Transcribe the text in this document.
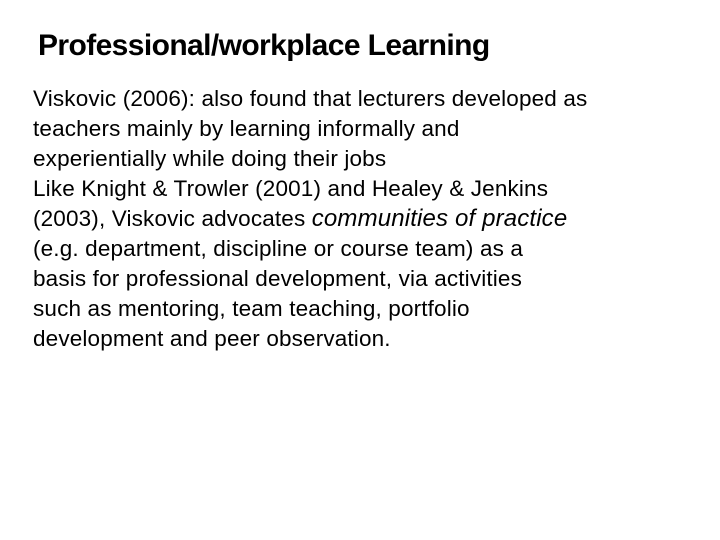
Professional/workplace Learning

Viskovic (2006): also found that lecturers developed as
teachers mainly by learning informally and
experientially while doing their jobs

Like Knight & Trowler (2001) and Healey & Jenkins
(2003), Viskovic advocates communities of practice
(e.g. department, discipline or course team) as a
basis for professional development, via activities
such as mentoring, team teaching, portfolio
development and peer observation.
